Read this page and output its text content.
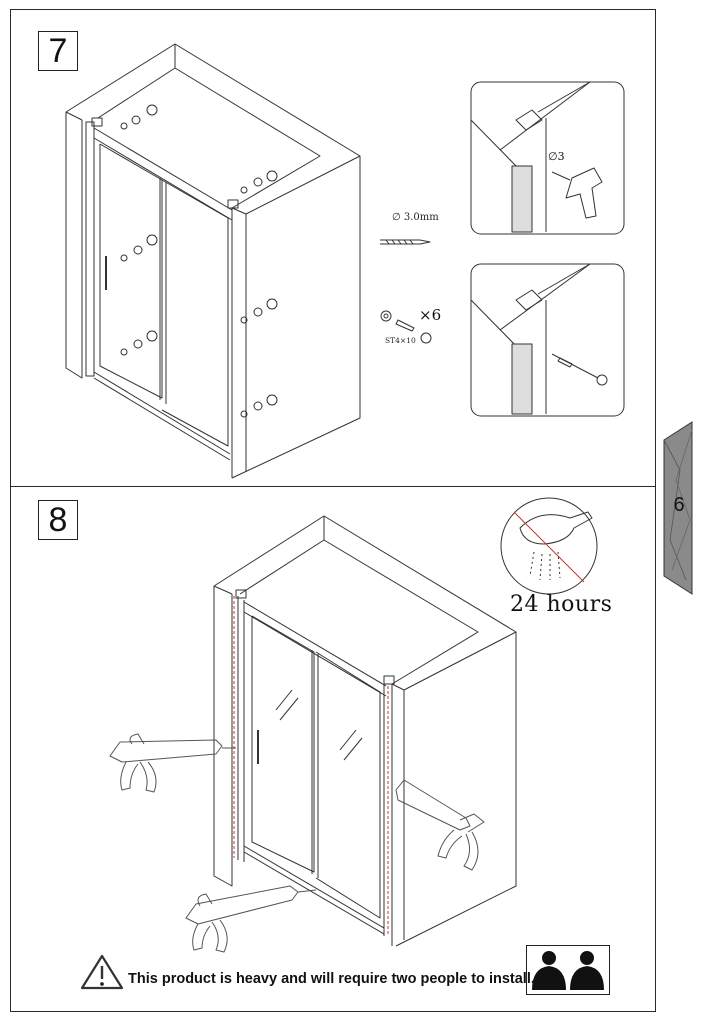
7
8
∅ 3.0mm
×6
ST4×10
∅3
24 hours
6
This product is heavy and will require two people to install.
